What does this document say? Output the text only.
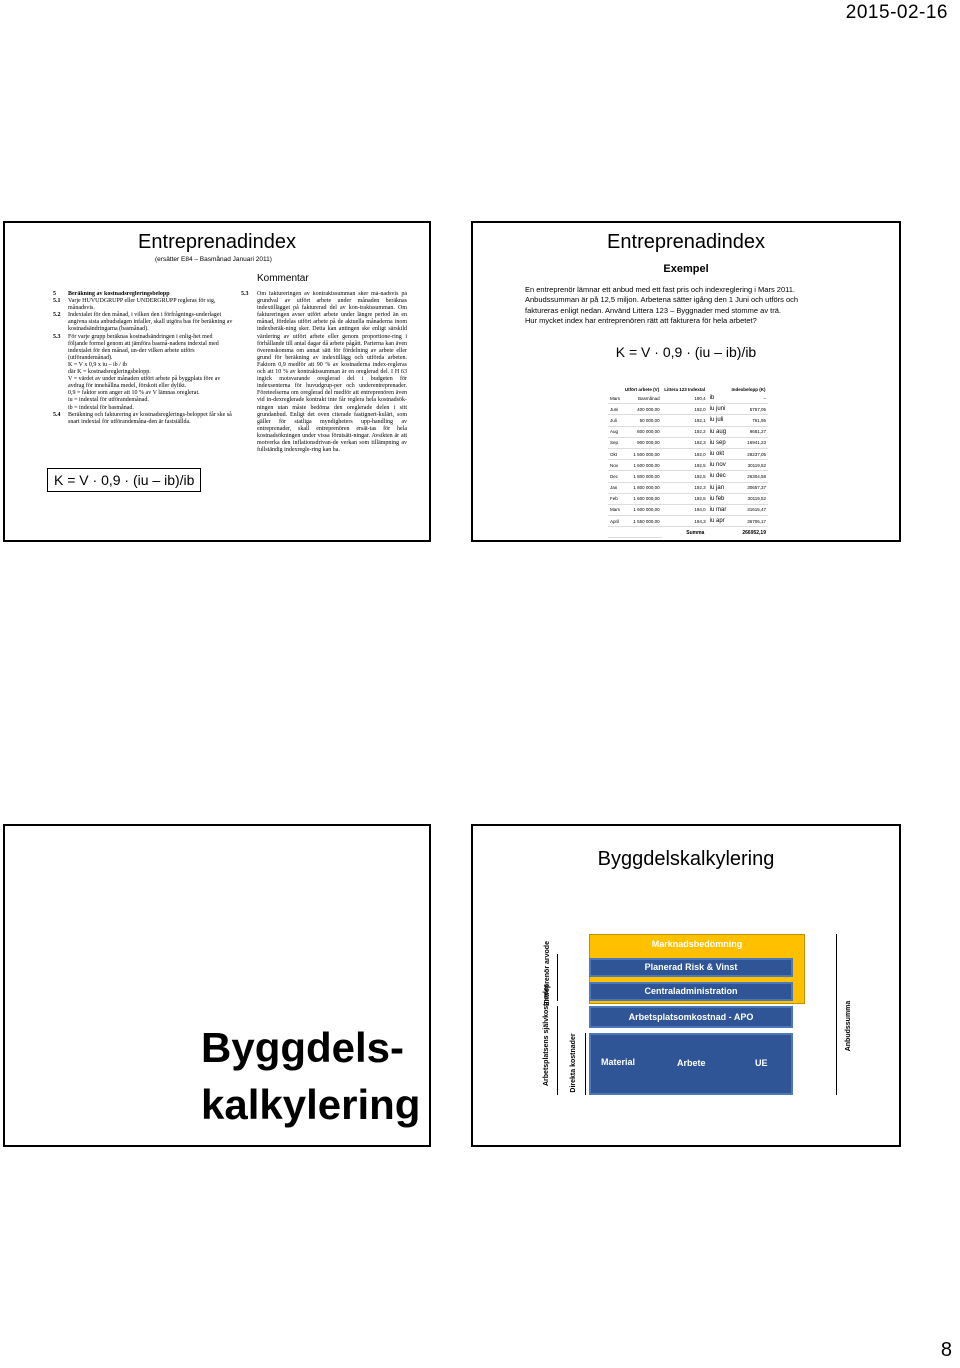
2015-02-16
Entreprenadindex
(ersätter E84 – Basmånad Januari 2011)
Kommentar
5	Beräkning av kostnadsregleringsbelopp
5.1	Varje HUVUDGRUPP eller UNDERGRUPP regleras för sig, månadsvis.
5.2	Indextalet för den månad, i vilken den i förfrågnings-underlaget angivna sista anbudsdagen infaller, skall utgöra bas för beräkning av kostnadsändringarna (basmånad).
5.3	För varje grupp beräknas kostnadsändringen i enlig-het med följande formel genom att jämföra basmå-nadens indextal med indextalet för den månad, un-der vilken arbete utförs (utförandemånad).
K = V x 0,9 x iu – ib / ib
där K = kostnadsregleringsbelopp.
V = värdet av under månaden utfört arbete på byggplats före av avdrag för innehållna medel, förskott eller dylikt.
0,9 = faktor som anger att 10 % av V lämnas oreglerat.
iu = indextal för utförandemånad.
ib = indextal för basmånad.
5.4	Beräkning och fakturering av kostnadsreglerings-beloppet får ske så snart indextal för utförandemåna-den är fastställda.
5.3	Om faktureringen av kontraktssumman sker må-nadsvis på grundval av utfört arbete under månaden beräknas indextillägget på fakturerad del av kon-traktssumman. Om faktureringen avser utfört arbete under längre period än en månad, fördelas utfört arbete på de aktuella månaderna inom indexberäk-ning sker. Detta kan antingen ske enligt särskild värdering av utfört arbete eller genom proportione-ring i förhållande till antal dagar då arbete pågått. Parterna kan även överenskomma om annat sätt för fördelning av arbete eller grund för beräkning av indextillägg och utförda arbeten. Faktorn 0,9 medför att 90 % av kostnaderna index-regleras och att 10 % av kontraktssumman är en oreglerad del. I H 63 ingick motsvarande oreglerad del i budgeten för indexsenterna för huvudgrup-per och underentreprenader. Företeelserna om oreglerad del medför att entreprenören även vid in-dexreglerade kontrakt inte får reglera hela kostnadsök-ningen utan måste bedöma den oreglerade delen i sitt grundanbud. Enligt det oven citerade fastignert-kulärt, som gäller för statliga myndigheters upp-handling av entreprenader, skall entreprenören ersät-tas för hela kostnadsökningen under vissa förutsätt-ningar. Avsikten är att motverka den inflationsdrivan-de verkan som tillämpning av fullständig indexregle-ring kan ha.
K = V · 0,9 · (iu – ib)/ib
Entreprenadindex
Exempel
En entreprenör lämnar ett anbud med ett fast pris och indexreglering i Mars 2011.
Anbudssumman är på 12,5 miljon. Arbetena sätter igång den 1 Juni och utförs och
faktureras enligt nedan. Använd Littera 123 – Byggnader med stomme av trä.
Hur mycket index har entreprenören rätt att fakturera för hela arbetet?
K = V · 0,9 · (iu – ib)/ib
	Utfört arbete (V)	Littera 123 Indextal		Indexbelopp (K)
Mars	Basmånad	190,4	ib	–
Juni	400 000,00	192,0	iu juni	5757,05
Juli	50 000,00	192,1	iu juli	761,95
Aug	600 000,00	192,2	iu aug	9681,27
Sep	900 000,00	192,3	iu sep	16941,23
Okt	1 500 000,00	192,0	iu okt	28237,05
Nov	1 600 000,00	192,5	iu nov	30119,52
Dec	1 800 000,00	192,5	iu dec	26304,58
Jan	1 800 000,00	192,3	iu jan	30657,37
Feb	1 600 000,00	192,5	iu feb	30119,52
Mars	1 600 000,00	194,0	iu mar	31615,47
April	1 550 000,00	194,3	iu apr	36706,17
		Summa		266952,19
Byggdels-
kalkylering
Byggdelskalkylering
Marknadsbedömning
Planerad Risk & Vinst
Centraladministration
Arbetsplatsomkostnad - APO
Material	Arbete	UE
Entreprenör arvode
Arbetsplatsens självkostnader	Direkta kostnader
Anbudssumma
8
